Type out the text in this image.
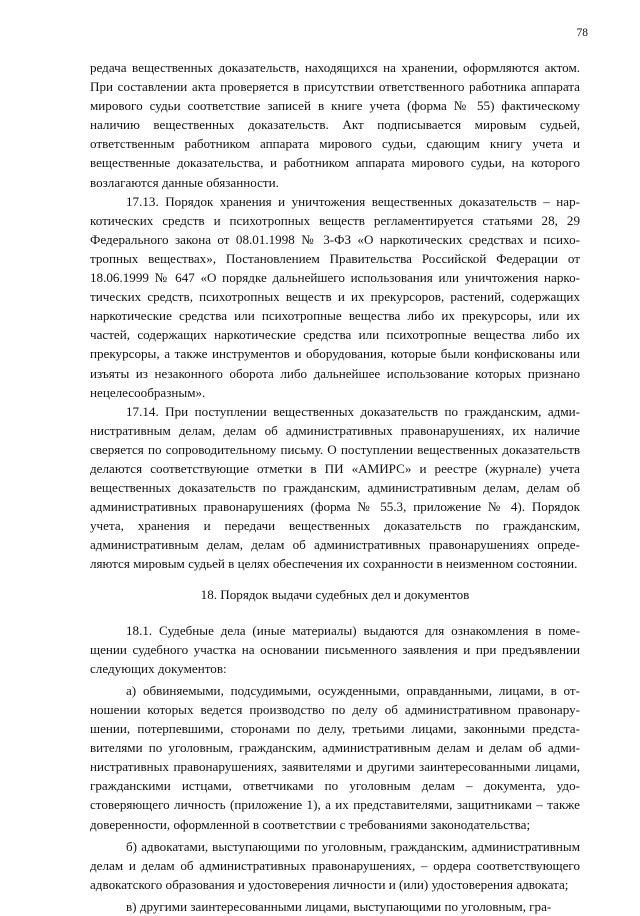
78

редача вещественных доказательств, находящихся на хранении, оформляются актом. При составлении акта проверяется в присутствии ответственного работника аппарата мирового судьи соответствие записей в книге учета (форма № 55) фактическому наличию вещественных доказательств. Акт подписывается мировым судьей, ответственным работником аппарата мирового судьи, сдающим книгу учета и вещественные доказательства, и работником аппарата мирового судьи, на которого возлагаются данные обязанности.

17.13. Порядок хранения и уничтожения вещественных доказательств – наркотических средств и психотропных веществ регламентируется статьями 28, 29 Федерального закона от 08.01.1998 № 3-ФЗ «О наркотических средствах и психотропных веществах», Постановлением Правительства Российской Федерации от 18.06.1999 № 647 «О порядке дальнейшего использования или уничтожения наркотических средств, психотропных веществ и их прекурсоров, растений, содержащих наркотические средства или психотропные вещества либо их прекурсоры, или их частей, содержащих наркотические средства или психотропные вещества либо их прекурсоры, а также инструментов и оборудования, которые были конфискованы или изъяты из незаконного оборота либо дальнейшее использование которых признано нецелесообразным».

17.14. При поступлении вещественных доказательств по гражданским, административным делам, делам об административных правонарушениях, их наличие сверяется по сопроводительному письму. О поступлении вещественных доказательств делаются соответствующие отметки в ПИ «АМИРС» и реестре (журнале) учета вещественных доказательств по гражданским, административным делам, делам об административных правонарушениях (форма № 55.3, приложение № 4). Порядок учета, хранения и передачи вещественных доказательств по гражданским, административным делам, делам об административных правонарушениях определяются мировым судьей в целях обеспечения их сохранности в неизменном состоянии.

18. Порядок выдачи судебных дел и документов

18.1. Судебные дела (иные материалы) выдаются для ознакомления в помещении судебного участка на основании письменного заявления и при предъявлении следующих документов:

а) обвиняемыми, подсудимыми, осужденными, оправданными, лицами, в отношении которых ведется производство по делу об административном правонарушении, потерпевшими, сторонами по делу, третьими лицами, законными представителями по уголовным, гражданским, административным делам и делам об административных правонарушениях, заявителями и другими заинтересованными лицами, гражданскими истцами, ответчиками по уголовным делам – документа, удостоверяющего личность (приложение 1), а их представителями, защитниками – также доверенности, оформленной в соответствии с требованиями законодательства;

б) адвокатами, выступающими по уголовным, гражданским, административным делам и делам об административных правонарушениях, – ордера соответствующего адвокатского образования и удостоверения личности и (или) удостоверения адвоката;

в) другими заинтересованными лицами, выступающими по уголовным, гра-
